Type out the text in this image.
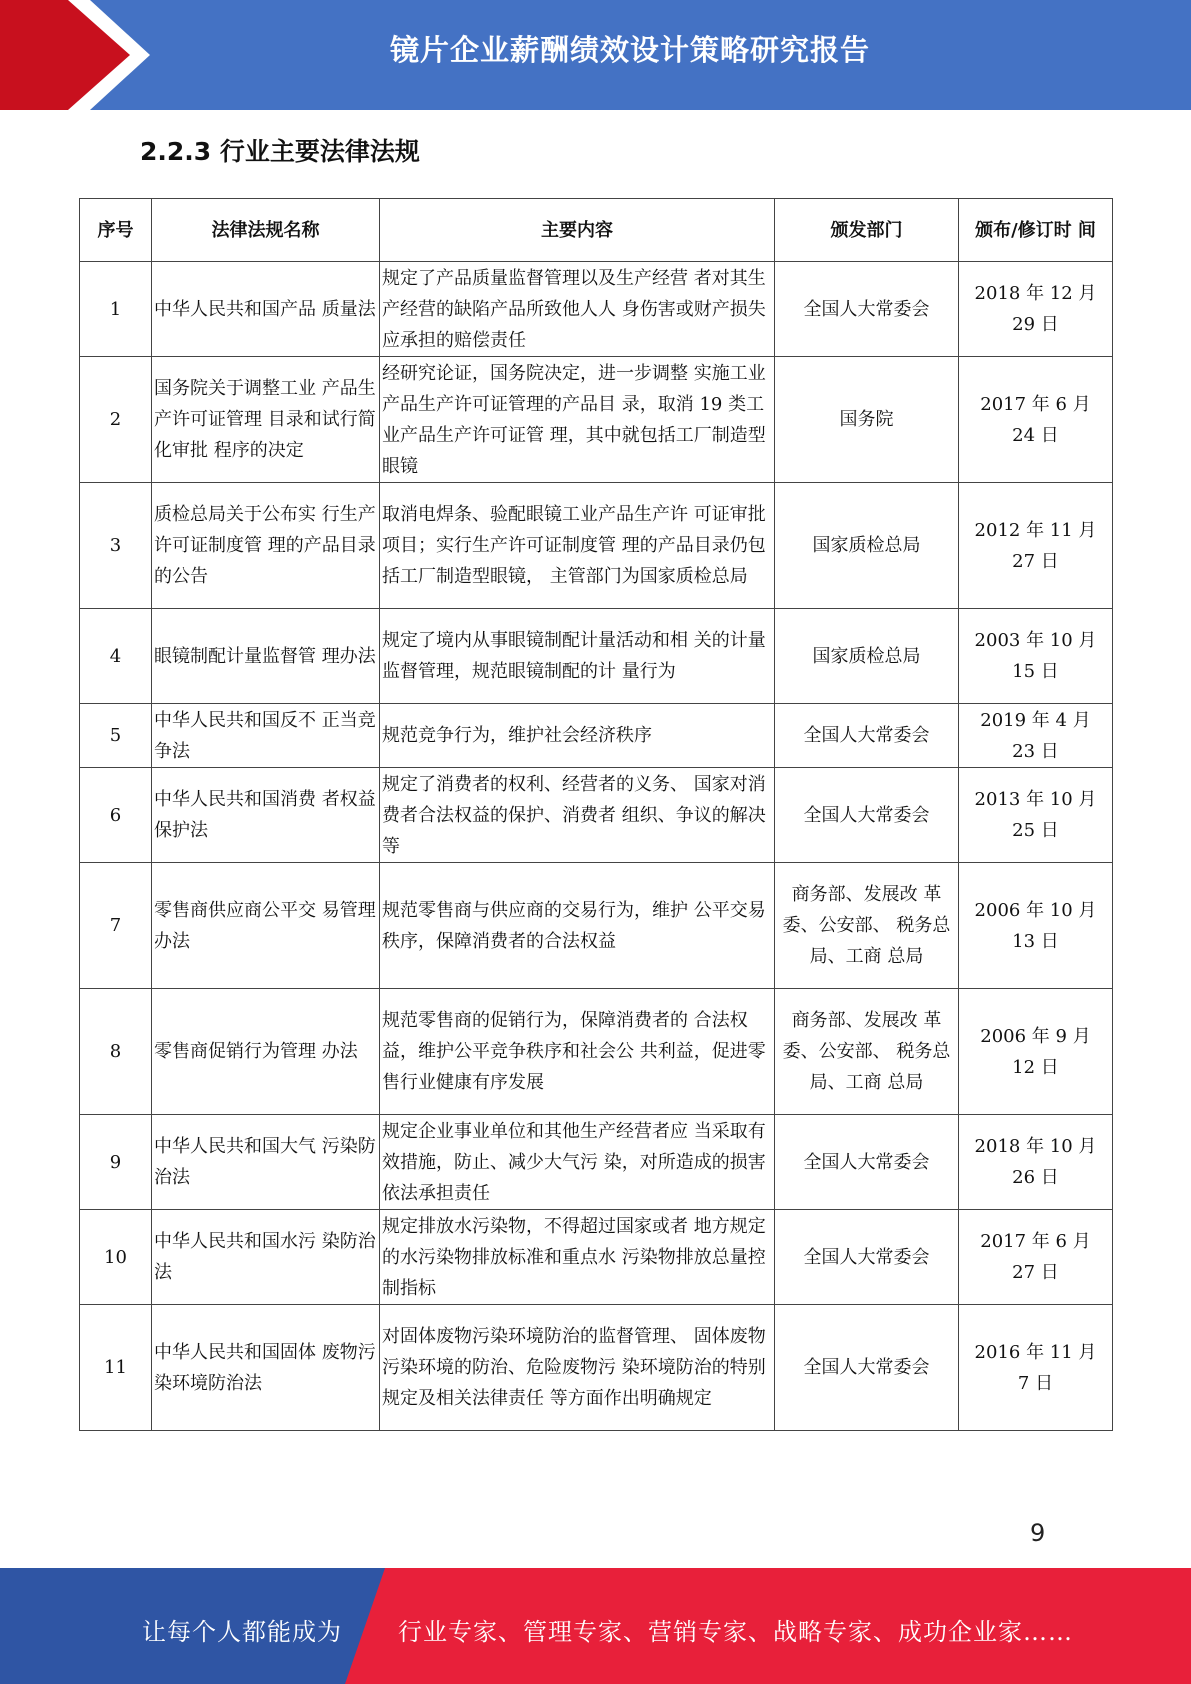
镜片企业薪酬绩效设计策略研究报告
2.2.3 行业主要法律法规
序号	法律法规名称	主要内容	颁发部门	颁布/修订时 间
1	中华人民共和国产品 质量法	规定了产品质量监督管理以及生产经营 者对其生产经营的缺陷产品所致他人人 身伤害或财产损失应承担的赔偿责任	全国人大常委会	2018 年 12 月
29 日

2	国务院关于调整工业 产品生产许可证管理 目录和试行简化审批 程序的决定	经研究论证，国务院决定，进一步调整 实施工业产品生产许可证管理的产品目 录，取消 19 类工业产品生产许可证管 理，其中就包括工厂制造型眼镜	国务院	2017 年 6 月
24 日

3	质检总局关于公布实 行生产许可证制度管 理的产品目录的公告	取消电焊条、验配眼镜工业产品生产许 可证审批项目；实行生产许可证制度管 理的产品目录仍包括工厂制造型眼镜， 主管部门为国家质检总局	国家质检总局	2012 年 11 月
27 日

4	眼镜制配计量监督管 理办法	规定了境内从事眼镜制配计量活动和相 关的计量监督管理，规范眼镜制配的计 量行为	国家质检总局	2003 年 10 月
15 日

5	中华人民共和国反不 正当竞争法	规范竞争行为，维护社会经济秩序	全国人大常委会	2019 年 4 月
23 日

6	中华人民共和国消费 者权益保护法	规定了消费者的权利、经营者的义务、 国家对消费者合法权益的保护、消费者 组织、争议的解决等	全国人大常委会	2013 年 10 月
25 日

7	零售商供应商公平交 易管理办法	规范零售商与供应商的交易行为，维护 公平交易秩序，保障消费者的合法权益	商务部、发展改 革委、公安部、 税务总局、工商 总局	2006 年 10 月
13 日

8	零售商促销行为管理 办法	规范零售商的促销行为，保障消费者的 合法权益，维护公平竞争秩序和社会公 共利益，促进零售行业健康有序发展	商务部、发展改 革委、公安部、 税务总局、工商 总局	2006 年 9 月
12 日

9	中华人民共和国大气 污染防治法	规定企业事业单位和其他生产经营者应 当采取有效措施，防止、减少大气污 染，对所造成的损害依法承担责任	全国人大常委会	2018 年 10 月
26 日

10	中华人民共和国水污 染防治法	规定排放水污染物，不得超过国家或者 地方规定的水污染物排放标准和重点水 污染物排放总量控制指标	全国人大常委会	2017 年 6 月
27 日

11	中华人民共和国固体 废物污染环境防治法	对固体废物污染环境防治的监督管理、 固体废物污染环境的防治、危险废物污 染环境防治的特别规定及相关法律责任 等方面作出明确规定	全国人大常委会	2016 年 11 月
7 日
9
让每个人都能成为 行业专家、管理专家、营销专家、战略专家、成功企业家……
